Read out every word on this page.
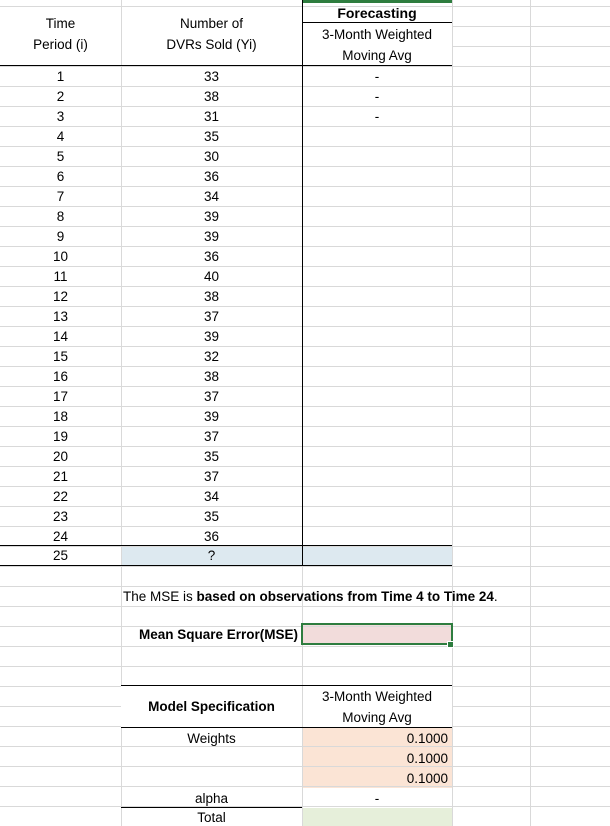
Time
Period (i)
Number of
DVRs Sold (Yi)
Forecasting
3-Month Weighted
Moving Avg
1	33	-
2	38	-
3	31	-
4	35
5	30
6	36
7	34
8	39
9	39
10	36
11	40
12	38
13	37
14	39
15	32
16	38
17	37
18	39
19	37
20	35
21	37
22	34
23	35
24	36
25	?
The MSE is based on observations from Time 4 to Time 24 .
Mean Square Error(MSE)
Model Specification
3-Month Weighted
Moving Avg
Weights	0.1000
0.1000
0.1000
alpha	-
Total
